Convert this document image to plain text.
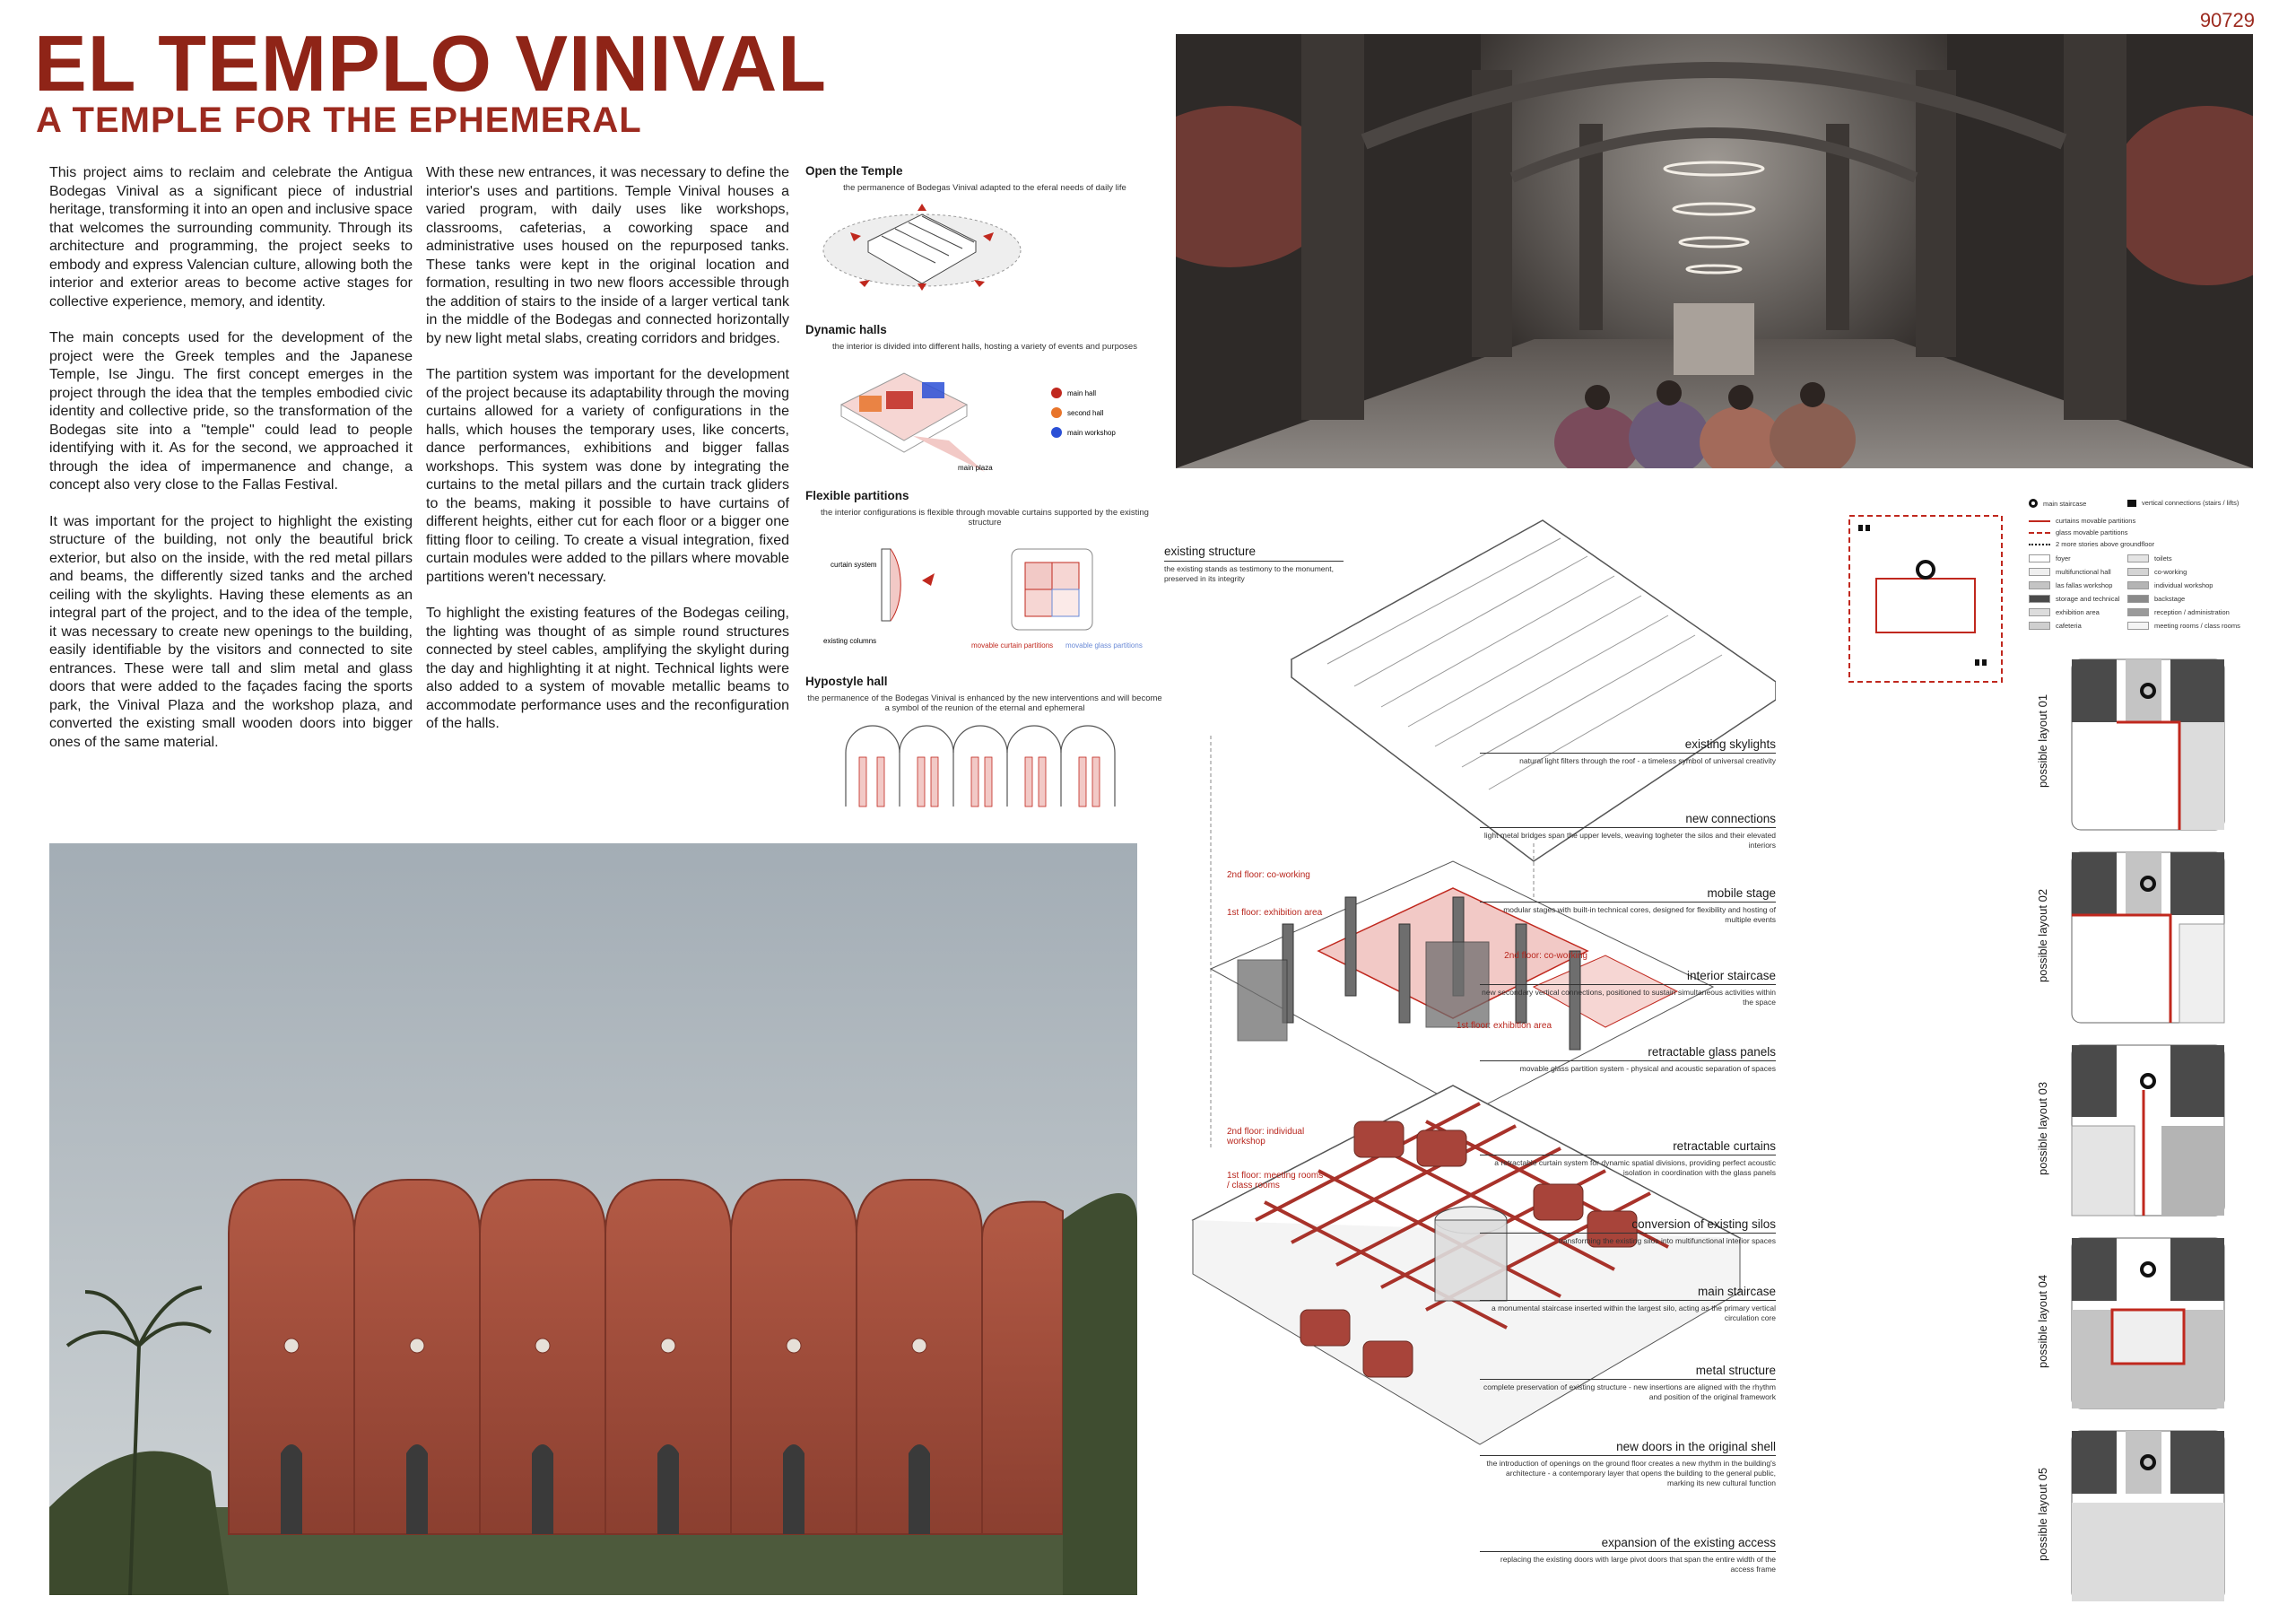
90729
EL TEMPLO VINIVAL
A TEMPLE FOR THE EPHEMERAL

This project aims to reclaim and celebrate the Antigua Bodegas Vinival as a significant piece of industrial heritage, transforming it into an open and inclusive space that welcomes the surrounding community. Through its architecture and programming, the project seeks to embody and express Valencian culture, allowing both the interior and exterior areas to become active stages for collective experience, memory, and identity.

The main concepts used for the development of the project were the Greek temples and the Japanese Temple, Ise Jingu. The first concept emerges in the project through the idea that the temples embodied civic identity and collective pride, so the transformation of the Bodegas site into a "temple" could lead to people identifying with it. As for the second, we approached it through the idea of impermanence and change, a concept also very close to the Fallas Festival.

It was important for the project to highlight the existing structure of the building, not only the beautiful brick exterior, but also on the inside, with the red metal pillars and beams, the differently sized tanks and the arched ceiling with the skylights. Having these elements as an integral part of the project, and to the idea of the temple, it was necessary to create new openings to the building, easily identifiable by the visitors and connected to site entrances. These were tall and slim metal and glass doors that were added to the façades facing the sports park, the Vinival Plaza and the workshop plaza, and converted the existing small wooden doors into bigger ones of the same material.

With these new entrances, it was necessary to define the interior's uses and partitions. Temple Vinival houses a varied program, with daily uses like workshops, classrooms, cafeterias, a coworking space and administrative uses housed on the repurposed tanks. These tanks were kept in the original location and formation, resulting in two new floors accessible through the addition of stairs to the inside of a larger vertical tank in the middle of the Bodegas and connected horizontally by new light metal slabs, creating corridors and bridges.

The partition system was important for the development of the project because its adaptability through the moving curtains allowed for a variety of configurations in the halls, which houses the temporary uses, like concerts, dance performances, exhibitions and bigger fallas workshops. This system was done by integrating the curtains to the metal pillars and the curtain track gliders to the beams, making it possible to have curtains of different heights, either cut for each floor or a bigger one fitting floor to ceiling. To create a visual integration, fixed curtain modules were added to the pillars where movable partitions weren't necessary.

To highlight the existing features of the Bodegas ceiling, the lighting was thought of as simple round structures connected by steel cables, amplifying the skylight during the day and highlighting it at night. Technical lights were also added to a system of movable metallic beams to accommodate performance uses and the reconfiguration of the halls.

Open the Temple
the permanence of Bodegas Vinival adapted to the eferal needs of daily life
Dynamic halls
the interior is divided into different halls, hosting a variety of events and purposes
main hall
second hall
main workshop
main plaza
Flexible partitions
the interior configurations is flexible through movable curtains supported by the existing structure
curtain system
existing columns
movable curtain partitions movable glass partitions
Hypostyle hall
the permanence of the Bodegas Vinival is enhanced by the new interventions and will become a symbol of the reunion of the eternal and ephemeral
existing structure
the existing stands as testimony to the monument, preserved in its integrity
existing skylights
natural light filters through the roof - a timeless symbol of universal creativity
new connections
light metal bridges span the upper levels, weaving togheter the silos and their elevated interiors
mobile stage
modular stages with built-in technical cores, designed for flexibility and hosting of multiple events
interior staircase
new secondary vertical connections, positioned to sustain simultaneous activities within the space
retractable glass panels
movable glass partition system - physical and acoustic separation of spaces
retractable curtains
a retractable curtain system for dynamic spatial divisions, providing perfect acoustic isolation in coordination with the glass panels
conversion of existing silos
transforming the existing silos into multifunctional interior spaces
main staircase
a monumental staircase inserted within the largest silo, acting as the primary vertical circulation core
metal structure
complete preservation of existing structure - new insertions are aligned with the rhythm and position of the original framework
new doors in the original shell
the introduction of openings on the ground floor creates a new rhythm in the building's architecture - a contemporary layer that opens the building to the general public, marking its new cultural function
expansion of the existing access
replacing the existing doors with large pivot doors that span the entire width of the access frame
2nd floor: co-working
1st floor: exhibition area
2nd floor: individual workshop
1st floor: meeting rooms / class rooms
2nd floor: co-working
1st floor: exhibition area
main staircase	vertical connections (stairs / lifts)
curtains movable partitions
glass movable partitions
2 more stories above groundfloor
foyer	toilets
multifunctional hall	co-working
las fallas workshop	individual workshop
storage and technical	backstage
exhibition area	reception / administration
cafeteria	meeting rooms / class rooms
possible layout 01
possible layout 02
possible layout 03
possible layout 04
possible layout 05
